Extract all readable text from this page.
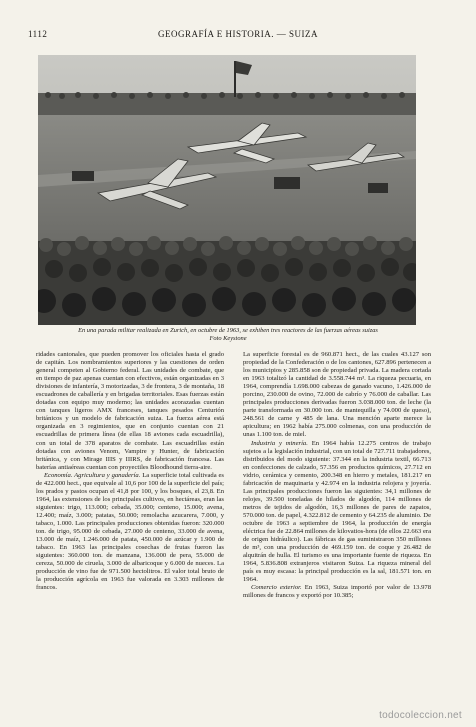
1112	GEOGRAFÍA E HISTORIA. — SUIZA
En una parada militar realizada en Zurich, en octubre de 1963, se exhiben tres reactores de las fuerzas aéreas suizas
Foto Keystone

ridades cantonales, que pueden promover los oficiales hasta el grado de capitán. Los nombramientos superiores y las cuestiones de orden general competen al Gobierno federal. Las unidades de combate, que en tiempo de paz apenas cuentan con efectivos, están organizadas en 3 divisiones de infantería, 3 motorizadas, 3 de frontera, 3 de montaña, 18 escuadrones de caballería y en brigadas territoriales. Esas fuerzas están dotadas con equipo muy moderno; las unidades acorazadas cuentan con tanques ligeros AMX franceses, tanques pesados Centurión británicos y un modelo de fabricación suiza. La fuerza aérea está organizada en 3 regimientos, que en conjunto cuentan con 21 escuadrillas de primera línea (de ellas 18 aviones cada escuadrilla), con un total de 378 aparatos de combate. Las escuadrillas están dotadas con aviones Venom, Vampire y Hunter, de fabricación británica, y con Mirage IIIS y IIIRS, de fabricación francesa. Las baterías antiaéreas cuentan con proyectiles Bloodhound tierra-aire.

Economía. Agricultura y ganadería. La superficie total cultivada es de 422.000 hect., que equivale al 10,6 por 100 de la superficie del país; los prados y pastos ocupan el 41,8 por 100, y los bosques, el 23,8. En 1964, las extensiones de los principales cultivos, en hectáreas, eran las siguientes: trigo, 113.000; cebada, 35.000; centeno, 15.000; avena, 12.400; maíz, 3.000; patatas, 50.000; remolacha azucarera, 7.000, y tabaco, 1.000. Las principales producciones obtenidas fueron: 320.000 ton. de trigo, 95.000 de cebada, 27.000 de centeno, 33.000 de avena, 13.000 de maíz, 1.246.000 de patata, 450.000 de azúcar y 1.900 de tabaco. En 1963 las principales cosechas de frutas fueron las siguientes: 360.000 ton. de manzana, 136.000 de pera, 55.000 de cereza, 50.000 de ciruela, 3.000 de albaricoque y 6.000 de nueces. La producción de vino fue de 971.500 hectolitros. El valor total bruto de la producción agrícola en 1963 fue valorada en 3.303 millones de francos.

La superficie forestal es de 960.871 hect., de las cuales 43.127 son propiedad de la Confederación o de los cantones, 627.896 pertenecen a los municipios y 285.858 son de propiedad privada. La madera cortada en 1963 totalizó la cantidad de 3.558.744 m³. La riqueza pecuaria, en 1964, comprendía 1.698.000 cabezas de ganado vacuno, 1.426.000 de porcino, 230.000 de ovino, 72.000 de cabrío y 76.000 de caballar. Las principales producciones derivadas fueron 3.038.000 ton. de leche (la parte transformada en 30.000 ton. de mantequilla y 74.000 de queso), 248.561 de carne y 485 de lana. Una mención aparte merece la apicultura; en 1962 había 275.000 colmenas, con una producción de unas 1.100 ton. de miel.

Industria y minería. En 1964 había 12.275 centros de trabajo sujetos a la legislación industrial, con un total de 727.711 trabajadores, distribuidos del modo siguiente: 37.344 en la industria textil, 66.713 en confecciones de calzado, 57.356 en productos químicos, 27.712 en vidrio, cerámica y cemento, 200.348 en hierro y metales, 181.217 en fabricación de maquinaria y 42.974 en la industria relojera y joyería. Las principales producciones fueron las siguientes: 34,1 millones de relojes, 39.500 toneladas de hilados de algodón, 114 millones de metros de tejidos de algodón, 16,3 millones de pares de zapatos, 570.000 ton. de papel, 4.322.812 de cemento y 64.235 de aluminio. De octubre de 1963 a septiembre de 1964, la producción de energía eléctrica fue de 22.864 millones de kilovatios-hora (de ellos 22.663 era de origen hidráulico). Las fábricas de gas suministraron 350 millones de m³, con una producción de 469.159 ton. de coque y 26.482 de alquitrán de hulla. El turismo es una importante fuente de riqueza. En 1964, 5.836.808 extranjeros visitaron Suiza. La riqueza mineral del país es muy escasa: la principal producción es la sal, 181.571 ton. en 1964.

Comercio exterior. En 1963, Suiza importó por valor de 13.978 millones de francos y exportó por 10.385;

todocoleccion.net
